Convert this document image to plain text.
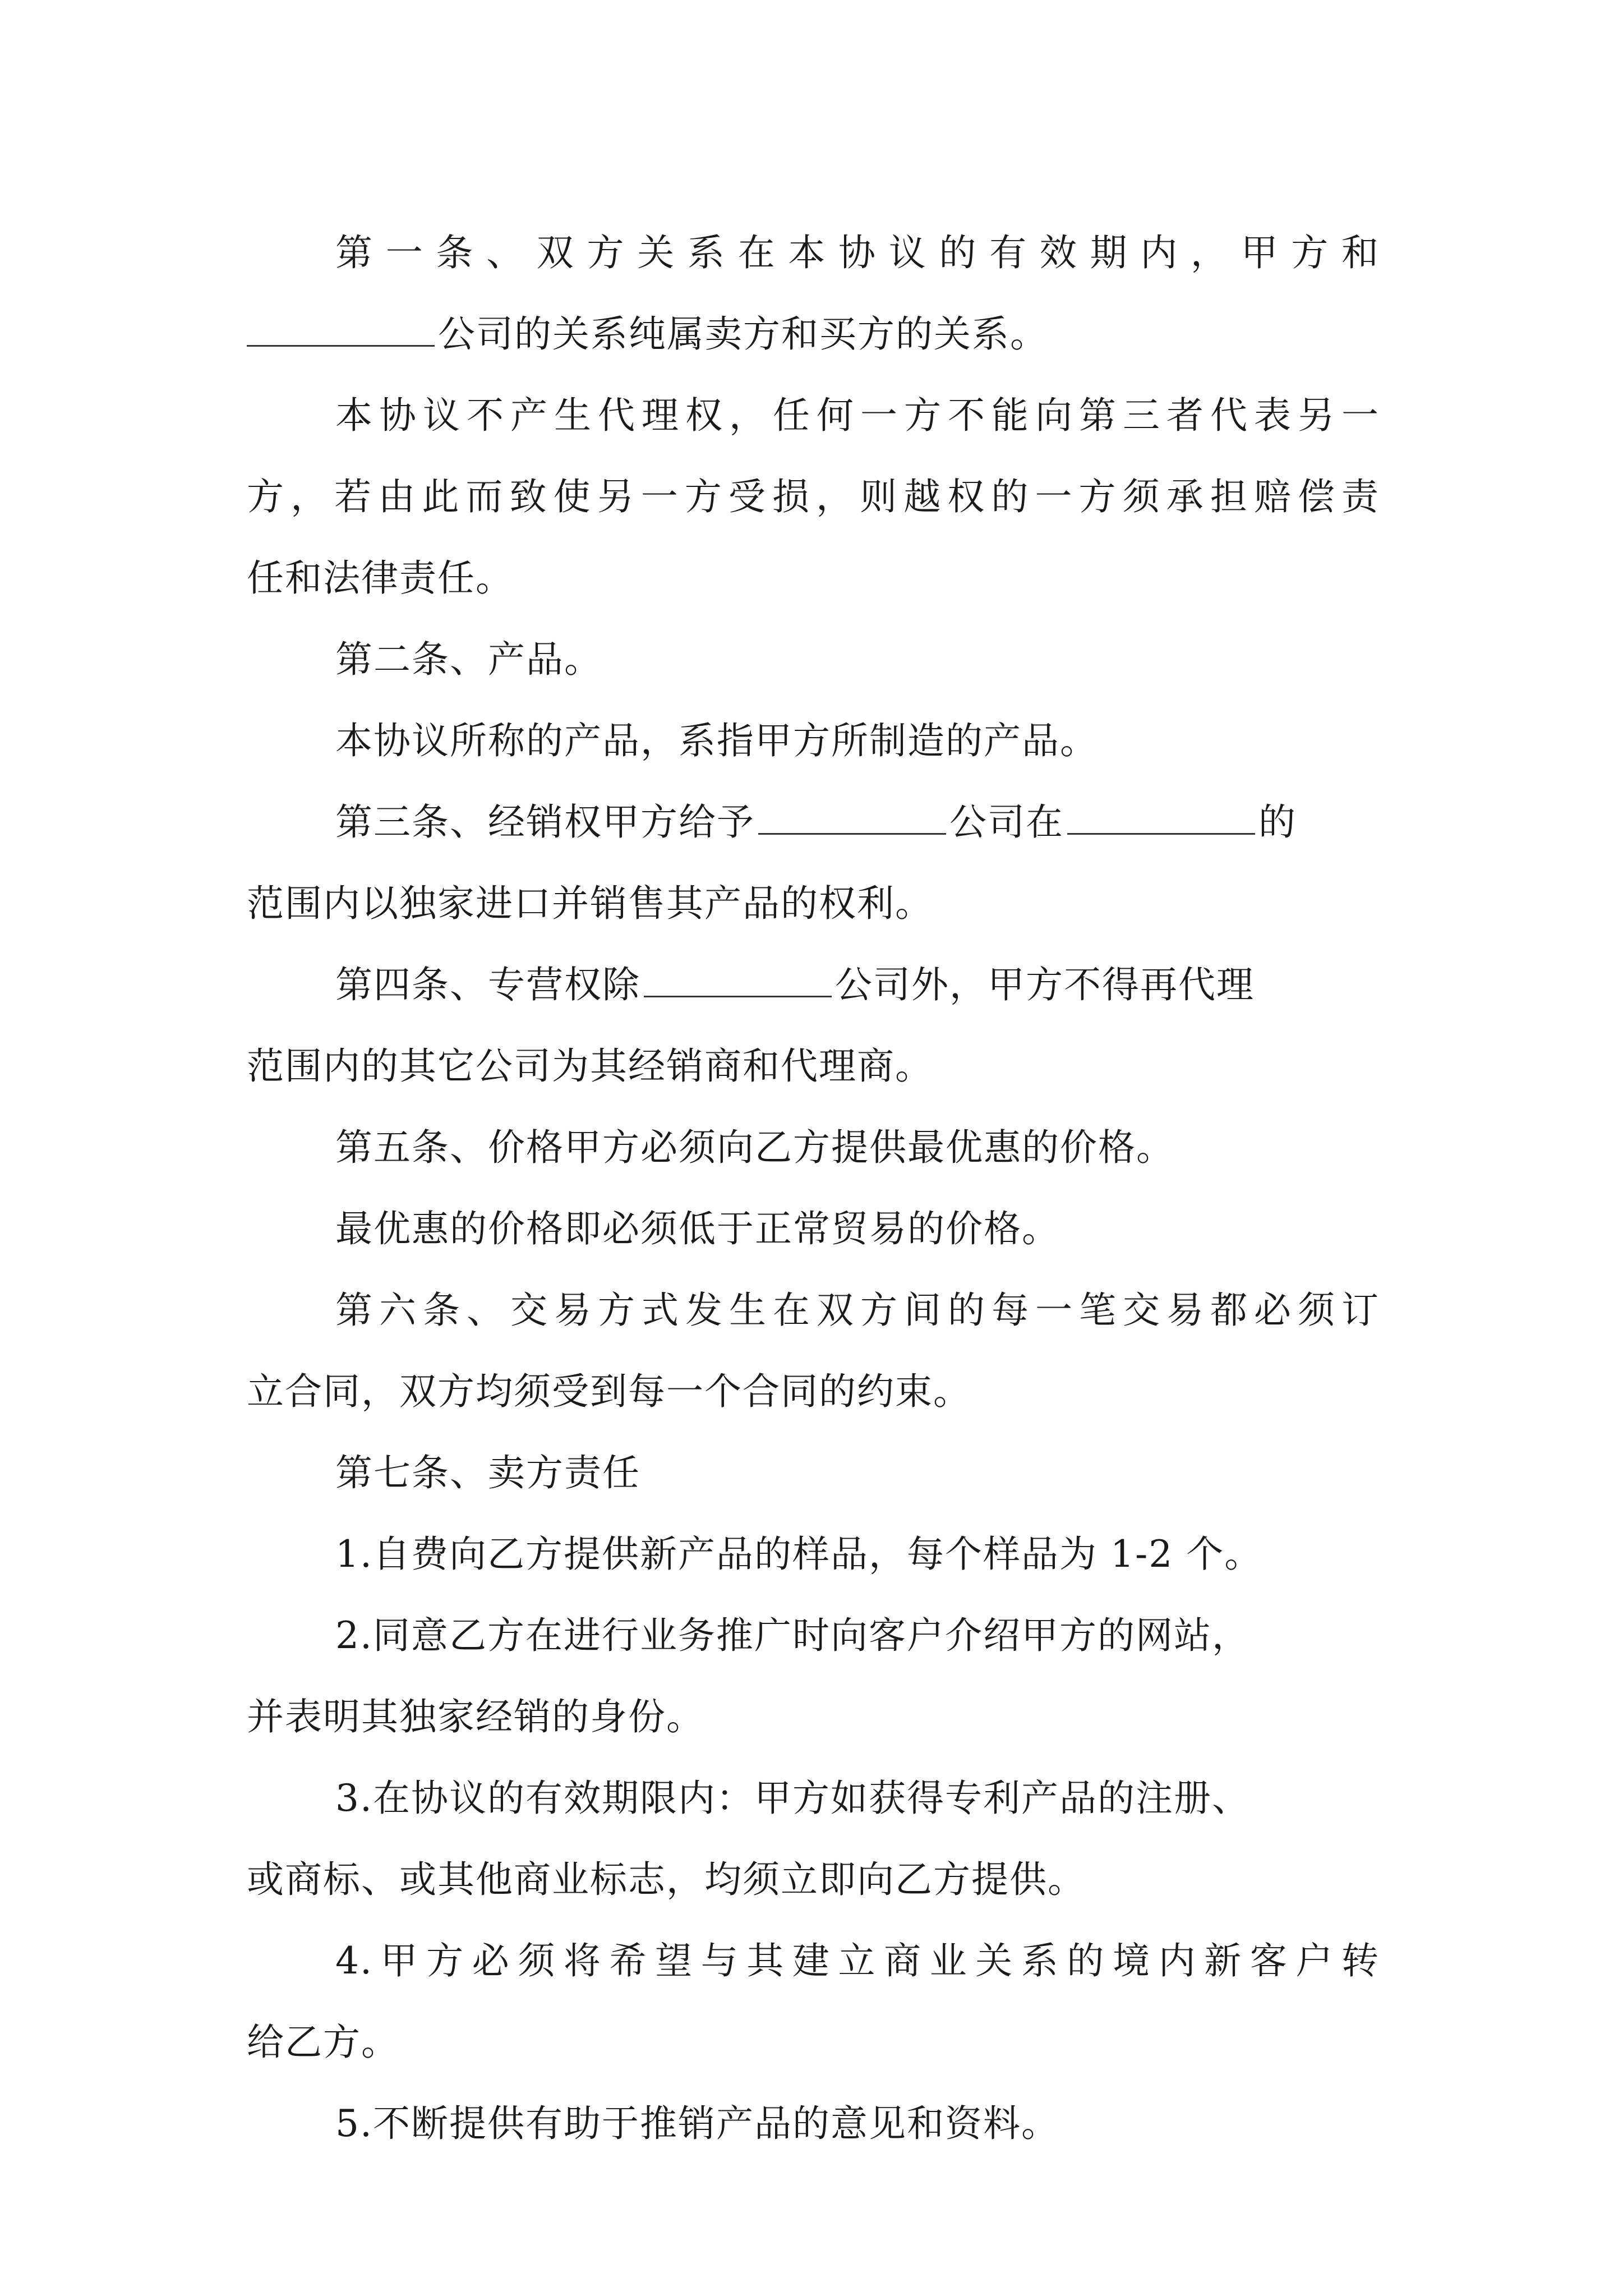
第一条、双方关系在本协议的有效期内，甲方和
公司的关系纯属卖方和买方的关系。
本协议不产生代理权，任何一方不能向第三者代表另一
方，若由此而致使另一方受损，则越权的一方须承担赔偿责
任和法律责任。
第二条、产品。
本协议所称的产品，系指甲方所制造的产品。
第三条、经销权甲方给予	公司在	的
范围内以独家进口并销售其产品的权利。
第四条、专营权除	公司外，甲方不得再代理
范围内的其它公司为其经销商和代理商。
第五条、价格甲方必须向乙方提供最优惠的价格。
最优惠的价格即必须低于正常贸易的价格。
第六条、交易方式发生在双方间的每一笔交易都必须订
立合同，双方均须受到每一个合同的约束。
第七条、卖方责任
1.自费向乙方提供新产品的样品，每个样品为 1-2 个。
2.同意乙方在进行业务推广时向客户介绍甲方的网站，
并表明其独家经销的身份。
3.在协议的有效期限内：甲方如获得专利产品的注册、
或商标、或其他商业标志，均须立即向乙方提供。
4.甲方必须将希望与其建立商业关系的境内新客户转
给乙方。
5.不断提供有助于推销产品的意见和资料。
